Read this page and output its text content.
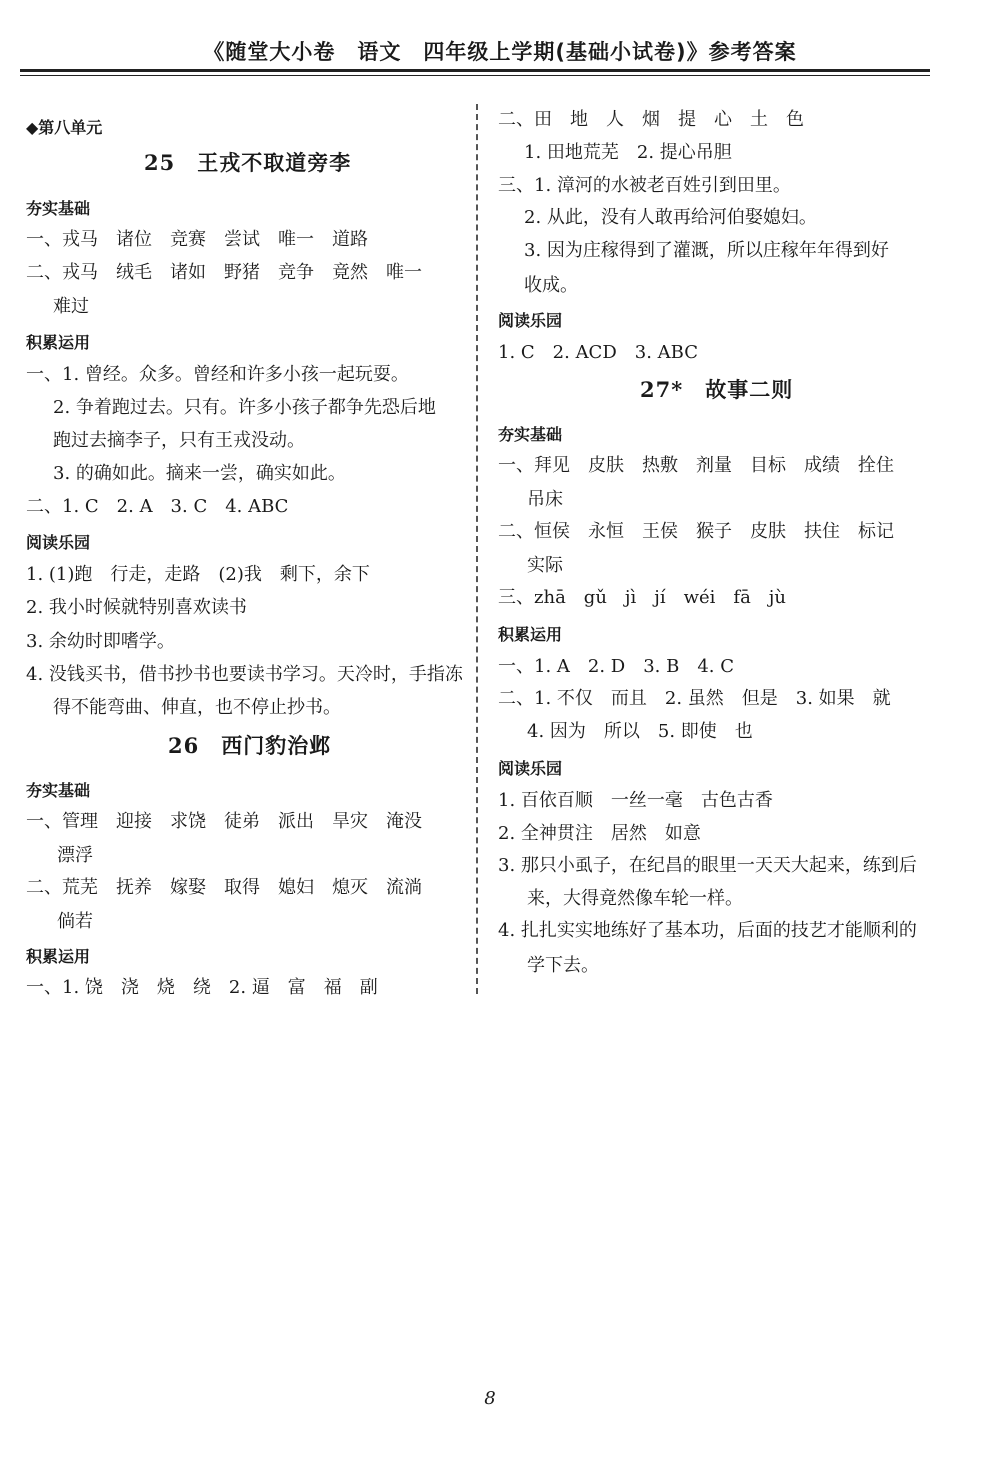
《随堂大小卷　语文　四年级上学期(基础小试卷)》参考答案
◆第八单元
25　王戎不取道旁李
夯实基础
一、戎马　诸位　竞赛　尝试　唯一　道路
二、戎马　绒毛　诸如　野猪　竞争　竟然　唯一
难过
积累运用
一、1. 曾经。众多。曾经和许多小孩一起玩耍。
2. 争着跑过去。只有。许多小孩子都争先恐后地
跑过去摘李子，只有王戎没动。
3. 的确如此。摘来一尝，确实如此。
二、1. C　2. A　3. C　4. ABC
阅读乐园
1. (1)跑　行走，走路　(2)我　剩下，余下
2. 我小时候就特别喜欢读书
3. 余幼时即嗜学。
4. 没钱买书，借书抄书也要读书学习。天冷时，手指冻
得不能弯曲、伸直，也不停止抄书。
26　西门豹治邺
夯实基础
一、管理　迎接　求饶　徒弟　派出　旱灾　淹没
漂浮
二、荒芜　抚养　嫁娶　取得　媳妇　熄灭　流淌
倘若
积累运用
一、1. 饶　浇　烧　绕　2. 逼　富　福　副
二、田　地　人　烟　提　心　土　色
1. 田地荒芜　2. 提心吊胆
三、1. 漳河的水被老百姓引到田里。
2. 从此，没有人敢再给河伯娶媳妇。
3. 因为庄稼得到了灌溉，所以庄稼年年得到好
收成。
阅读乐园
1. C　2. ACD　3. ABC
27*　故事二则
夯实基础
一、拜见　皮肤　热敷　剂量　目标　成绩　拴住
吊床
二、恒侯　永恒　王侯　猴子　皮肤　扶住　标记
实际
三、zhā　gǔ　jì　jí　wéi　fā　jù
积累运用
一、1. A　2. D　3. B　4. C
二、1. 不仅　而且　2. 虽然　但是　3. 如果　就
4. 因为　所以　5. 即使　也
阅读乐园
1. 百依百顺　一丝一毫　古色古香
2. 全神贯注　居然　如意
3. 那只小虱子，在纪昌的眼里一天天大起来，练到后
来，大得竟然像车轮一样。
4. 扎扎实实地练好了基本功，后面的技艺才能顺利的
学下去。
8
